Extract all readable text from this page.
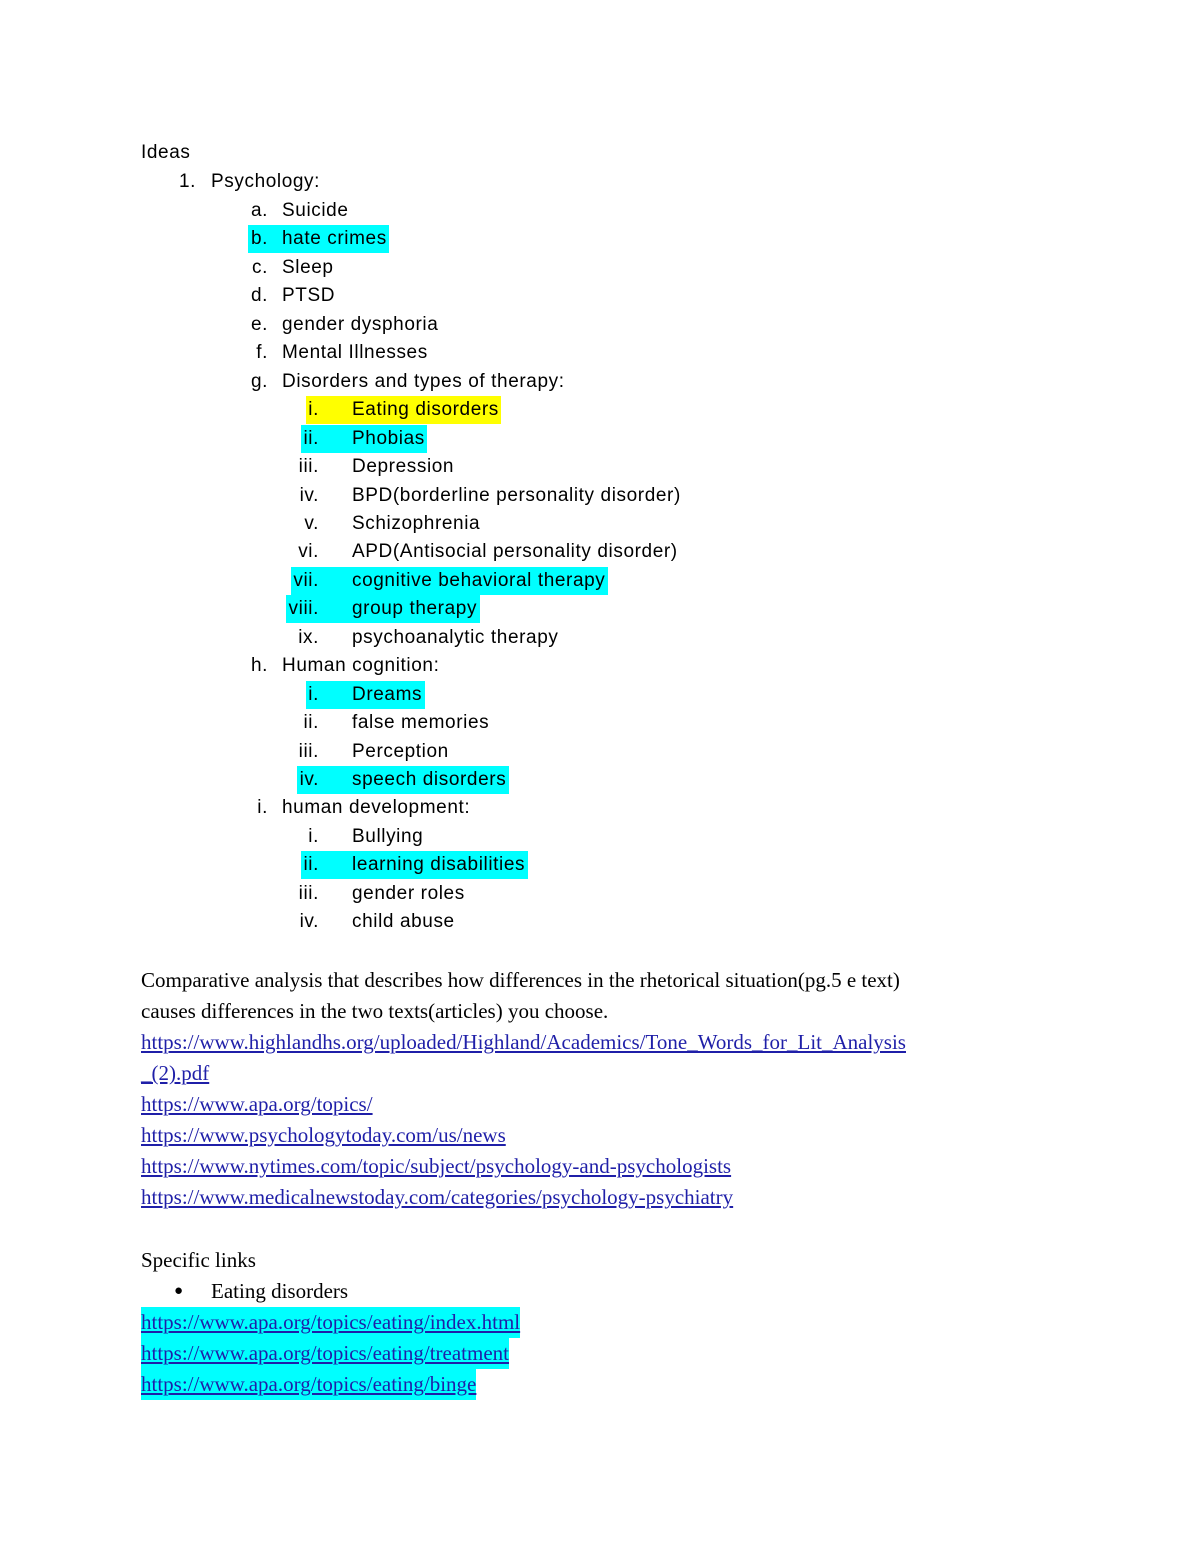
Ideas
1. Psychology:
a. Suicide
b. hate crimes
c. Sleep
d. PTSD
e. gender dysphoria
f. Mental Illnesses
g. Disorders and types of therapy:
i. Eating disorders
ii. Phobias
iii. Depression
iv. BPD(borderline personality disorder)
v. Schizophrenia
vi. APD(Antisocial personality disorder)
vii. cognitive behavioral therapy
viii. group therapy
ix. psychoanalytic therapy
h. Human cognition:
i. Dreams
ii. false memories
iii. Perception
iv. speech disorders
i. human development:
i. Bullying
ii. learning disabilities
iii. gender roles
iv. child abuse
Comparative analysis that describes how differences in the rhetorical situation(pg.5 e text)
causes differences in the two texts(articles) you choose.
https://www.highlandhs.org/uploaded/Highland/Academics/Tone_Words_for_Lit_Analysis
_(2).pdf
https://www.apa.org/topics/
https://www.psychologytoday.com/us/news
https://www.nytimes.com/topic/subject/psychology-and-psychologists
https://www.medicalnewstoday.com/categories/psychology-psychiatry
Specific links
● Eating disorders
https://www.apa.org/topics/eating/index.html
https://www.apa.org/topics/eating/treatment
https://www.apa.org/topics/eating/binge
